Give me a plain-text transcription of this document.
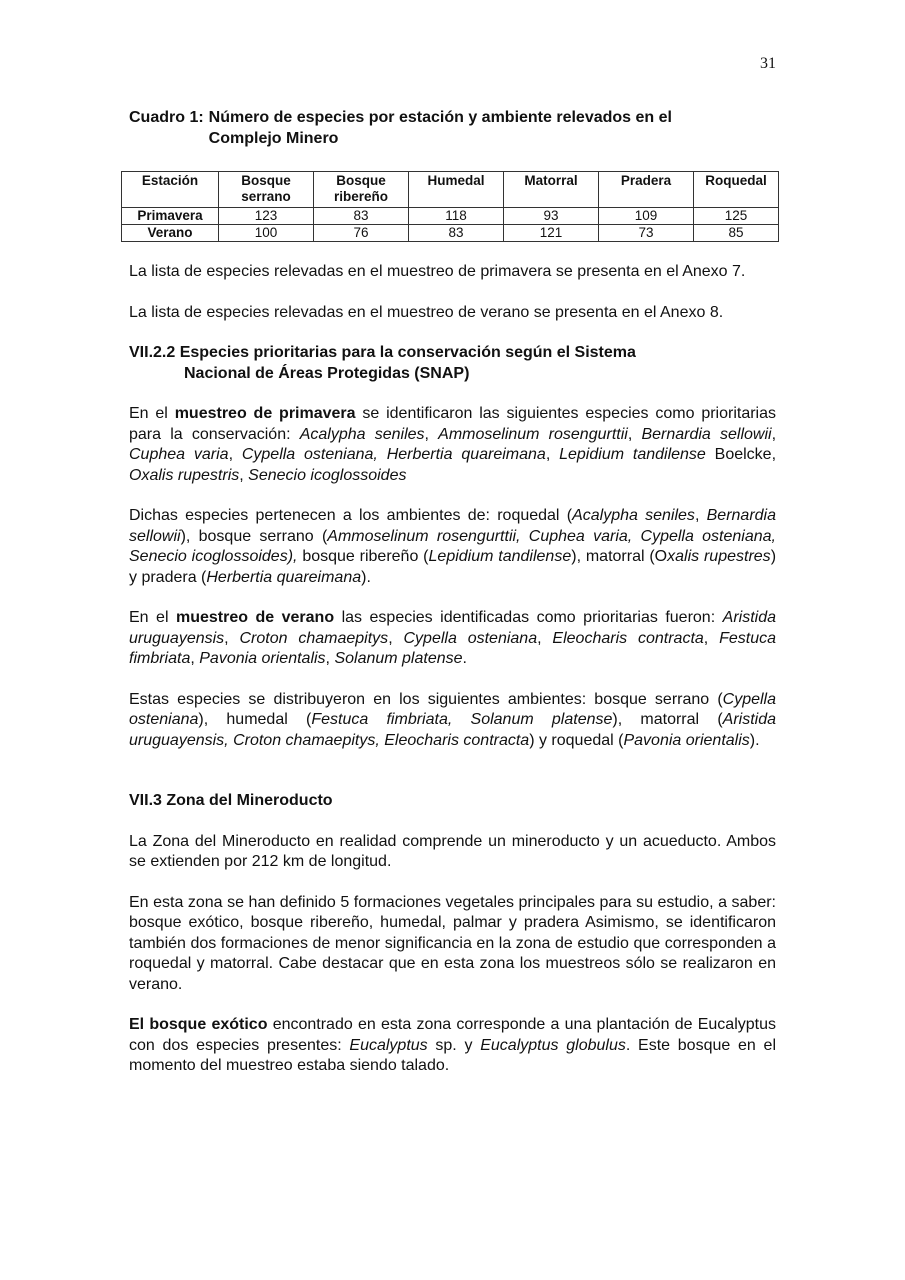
31
Cuadro 1: Número de especies por estación y ambiente relevados en el
Complejo Minero
Estación	Bosque serrano	Bosque ribereño	Humedal	Matorral	Pradera	Roquedal
Primavera	123	83	118	93	109	125
Verano	100	76	83	121	73	85

La lista de especies relevadas en el muestreo de primavera se presenta en el Anexo 7.

La lista de especies relevadas en el muestreo de verano se presenta en el Anexo 8.

VII.2.2 Especies prioritarias para la conservación según el Sistema
Nacional de Áreas Protegidas (SNAP)

En el muestreo de primavera se identificaron las siguientes especies como prioritarias para la conservación: Acalypha seniles, Ammoselinum rosengurttii, Bernardia sellowii, Cuphea varia, Cypella osteniana, Herbertia quareimana, Lepidium tandilense Boelcke, Oxalis rupestris, Senecio icoglossoides

Dichas especies pertenecen a los ambientes de: roquedal (Acalypha seniles, Bernardia sellowii), bosque serrano (Ammoselinum rosengurttii, Cuphea varia, Cypella osteniana, Senecio icoglossoides), bosque ribereño (Lepidium tandilense), matorral (Oxalis rupestres) y pradera (Herbertia quareimana).

En el muestreo de verano las especies identificadas como prioritarias fueron: Aristida uruguayensis, Croton chamaepitys, Cypella osteniana, Eleocharis contracta, Festuca fimbriata, Pavonia orientalis, Solanum platense.

Estas especies se distribuyeron en los siguientes ambientes: bosque serrano (Cypella osteniana), humedal (Festuca fimbriata, Solanum platense), matorral (Aristida uruguayensis, Croton chamaepitys, Eleocharis contracta) y roquedal (Pavonia orientalis).

VII.3 Zona del Mineroducto

La Zona del Mineroducto en realidad comprende un mineroducto y un acueducto. Ambos se extienden por 212 km de longitud.

En esta zona se han definido 5 formaciones vegetales principales para su estudio, a saber: bosque exótico, bosque ribereño, humedal, palmar y pradera Asimismo, se identificaron también dos formaciones de menor significancia en la zona de estudio que corresponden a roquedal y matorral. Cabe destacar que en esta zona los muestreos sólo se realizaron en verano.

El bosque exótico encontrado en esta zona corresponde a una plantación de Eucalyptus con dos especies presentes: Eucalyptus sp. y Eucalyptus globulus. Este bosque en el momento del muestreo estaba siendo talado.
